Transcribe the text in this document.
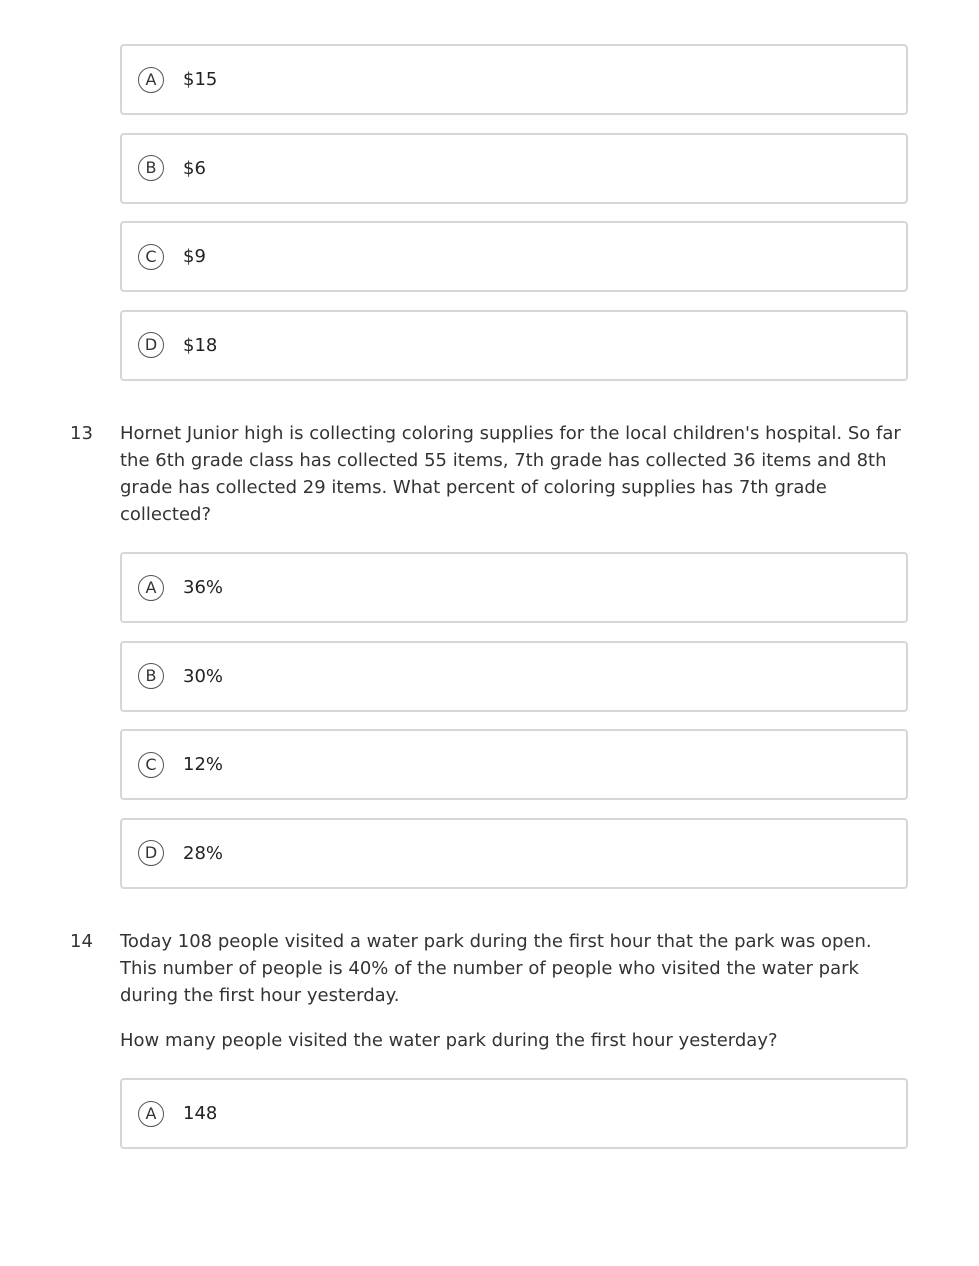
A	$15
B	$6
C	$9
D	$18
13 Hornet Junior high is collecting coloring supplies for the local children's hospital. So far the 6th grade class has collected 55 items, 7th grade has collected 36 items and 8th grade has collected 29 items. What percent of coloring supplies has 7th grade collected?

A	36%
B	30%
C	12%
D	28%
14 Today 108 people visited a water park during the first hour that the park was open. This number of people is 40% of the number of people who visited the water park during the first hour yesterday.

How many people visited the water park during the first hour yesterday?

A	148
